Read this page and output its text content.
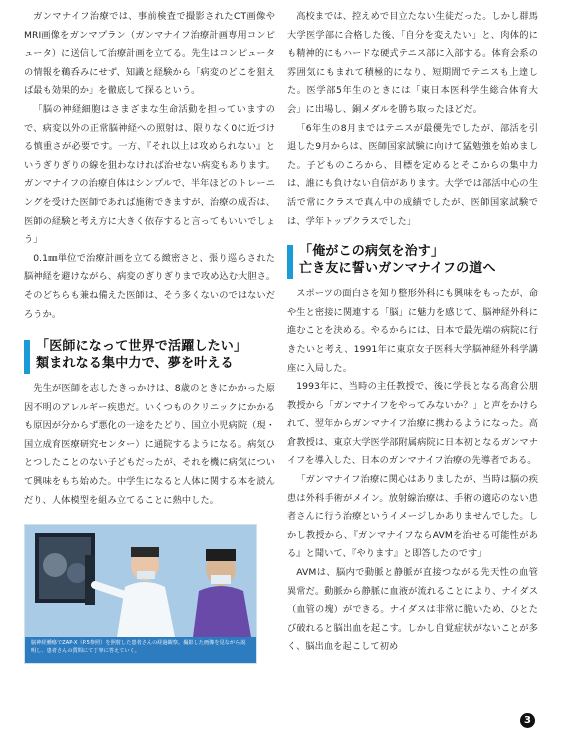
ガンマナイフ治療では、事前検査で撮影されたCT画像やMRI画像をガンマプラン（ガンマナイフ治療計画専用コンピュータ）に送信して治療計画を立てる。先生はコンピュータの情報を鵜呑みにせず、知識と経験から「病変のどこを狙えば最も効果的か」を徹底して探るという。

「脳の神経細胞はさまざまな生命活動を担っていますので、病変以外の正常脳神経への照射は、限りなく0に近づける慎重さが必要です。一方、『それ以上は攻められない』というぎりぎりの線を狙わなければ治せない病変もあります。ガンマナイフの治療自体はシンプルで、半年ほどのトレーニングを受けた医師であれば施術できますが、治療の成否は、医師の経験と考え方に大きく依存すると言ってもいいでしょう」

0.1㎜単位で治療計画を立てる緻密さと、張り巡らされた脳神経を避けながら、病変のぎりぎりまで攻め込む大胆さ。そのどちらも兼ね備えた医師は、そう多くないのではないだろうか。

「医師になって世界で活躍したい」
類まれなる集中力で、夢を叶える

先生が医師を志したきっかけは、8歳のときにかかった原因不明のアレルギー疾患だ。いくつものクリニックにかかるも原因が分からず悪化の一途をたどり、国立小児病院（現・国立成育医療研究センター）に通院するようになる。病気ひとつしたことのない子どもだったが、それを機に病気について興味をもち始めた。中学生になると人体に関する本を読んだり、人体模型を組み立てることに熱中した。

脳神経腫瘍でZAP-X（P.5参照）を照射した患者さんの経過観察。撮影した画像を見ながら説明し、患者さんの質問にて丁寧に答えていく。

高校までは、控えめで目立たない生徒だった。しかし群馬大学医学部に合格した後、「自分を変えたい」と、肉体的にも精神的にもハードな硬式テニス部に入部する。体育会系の雰囲気にもまれて積極的になり、短期間でテニスも上達した。医学部5年生のときには「東日本医科学生総合体育大会」に出場し、銅メダルを勝ち取ったほどだ。

「6年生の8月まではテニスが最優先でしたが、部活を引退した9月からは、医師国家試験に向けて猛勉強を始めました。子どものころから、目標を定めるとそこからの集中力は、誰にも負けない自信があります。大学では部活中心の生活で常にクラスで真ん中の成績でしたが、医師国家試験では、学年トップクラスでした」

「俺がこの病気を治す」
亡き友に誓いガンマナイフの道へ

スポーツの面白さを知り整形外科にも興味をもったが、命や生と密接に関連する「脳」に魅力を感じて、脳神経外科に進むことを決める。やるからには、日本で最先端の病院に行きたいと考え、1991年に東京女子医科大学脳神経外科学講座に入局した。

1993年に、当時の主任教授で、後に学長となる高倉公朋教授から「ガンマナイフをやってみないか？」と声をかけられて、翌年からガンマナイフ治療に携わるようになった。高倉教授は、東京大学医学部附属病院に日本初となるガンマナイフを導入した、日本のガンマナイフ治療の先導者である。

「ガンマナイフ治療に関心はありましたが、当時は脳の疾患は外科手術がメイン。放射線治療は、手術の適応のない患者さんに行う治療というイメージしかありませんでした。しかし教授から、『ガンマナイフならAVMを治せる可能性がある』と聞いて、『やります』と即答したのです」

AVMは、脳内で動脈と静脈が直接つながる先天性の血管異常だ。動脈から静脈に血液が流れることにより、ナイダス（血管の塊）ができる。ナイダスは非常に脆いため、ひとたび破れると脳出血を起こす。しかし自覚症状がないことが多く、脳出血を起こして初め

3
